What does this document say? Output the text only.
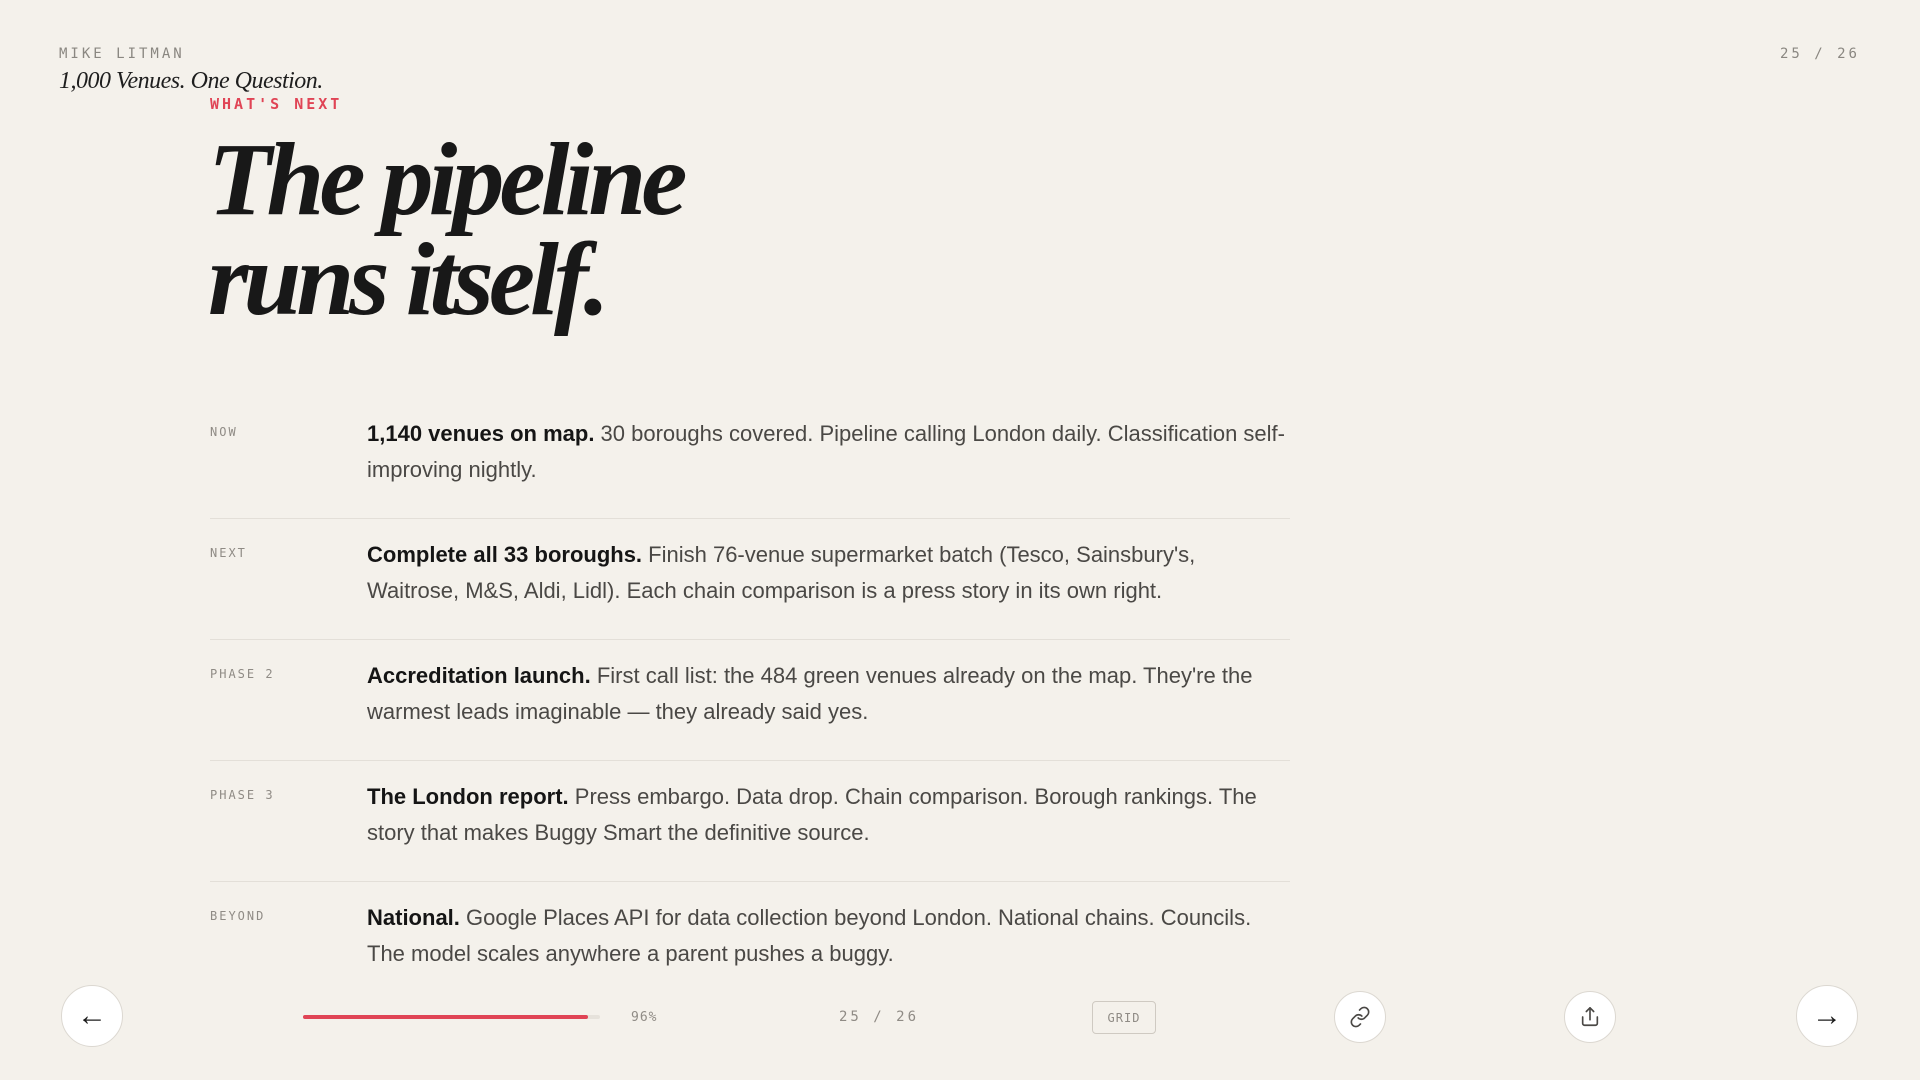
MIKE LITMAN
1,000 Venues. One Question.
25 / 26
WHAT'S NEXT
The pipeline
runs itself.
NOW	1,140 venues on map. 30 boroughs covered. Pipeline calling London daily. Classification self-improving nightly.
NEXT	Complete all 33 boroughs. Finish 76-venue supermarket batch (Tesco, Sainsbury's, Waitrose, M&S, Aldi, Lidl). Each chain comparison is a press story in its own right.
PHASE 2	Accreditation launch. First call list: the 484 green venues already on the map. They're the warmest leads imaginable — they already said yes.
PHASE 3	The London report. Press embargo. Data drop. Chain comparison. Borough rankings. The story that makes Buggy Smart the definitive source.
BEYOND	National. Google Places API for data collection beyond London. National chains. Councils. The model scales anywhere a parent pushes a buggy.
←	96%	25 / 26	GRID	→
